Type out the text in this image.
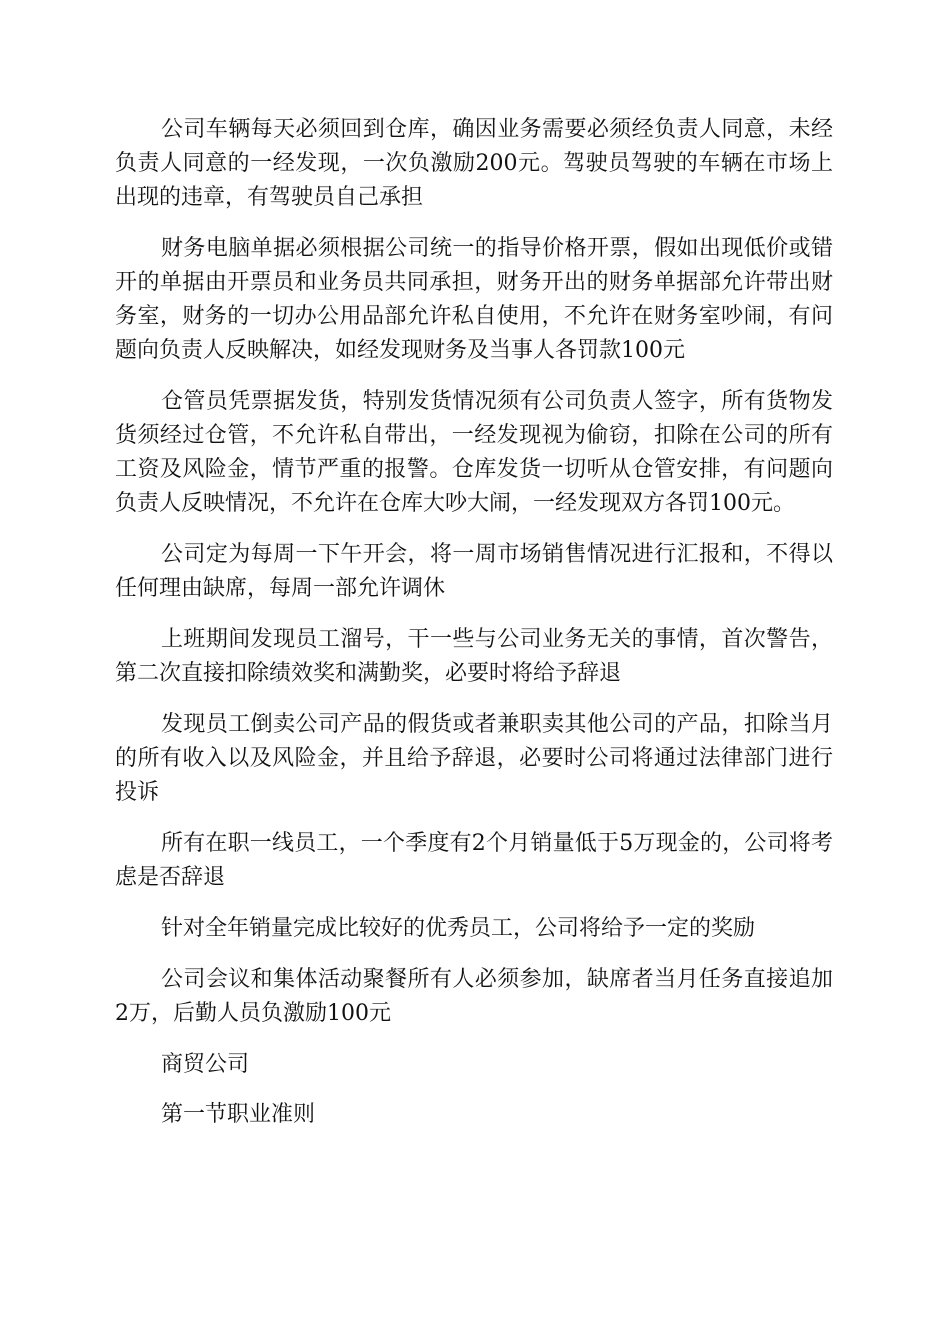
公司车辆每天必须回到仓库，确因业务需要必须经负责人同意，未经负责人同意的一经发现，一次负激励200元。驾驶员驾驶的车辆在市场上出现的违章，有驾驶员自己承担

财务电脑单据必须根据公司统一的指导价格开票，假如出现低价或错开的单据由开票员和业务员共同承担，财务开出的财务单据部允许带出财务室，财务的一切办公用品部允许私自使用，不允许在财务室吵闹，有问题向负责人反映解决，如经发现财务及当事人各罚款100元

仓管员凭票据发货，特别发货情况须有公司负责人签字，所有货物发货须经过仓管，不允许私自带出，一经发现视为偷窃，扣除在公司的所有工资及风险金，情节严重的报警。仓库发货一切听从仓管安排，有问题向负责人反映情况，不允许在仓库大吵大闹，一经发现双方各罚100元。

公司定为每周一下午开会，将一周市场销售情况进行汇报和，不得以任何理由缺席，每周一部允许调休

上班期间发现员工溜号，干一些与公司业务无关的事情，首次警告，第二次直接扣除绩效奖和满勤奖，必要时将给予辞退

发现员工倒卖公司产品的假货或者兼职卖其他公司的产品，扣除当月的所有收入以及风险金，并且给予辞退，必要时公司将通过法律部门进行投诉

所有在职一线员工，一个季度有2个月销量低于5万现金的，公司将考虑是否辞退

针对全年销量完成比较好的优秀员工，公司将给予一定的奖励

公司会议和集体活动聚餐所有人必须参加，缺席者当月任务直接追加2万，后勤人员负激励100元

商贸公司

第一节职业准则
